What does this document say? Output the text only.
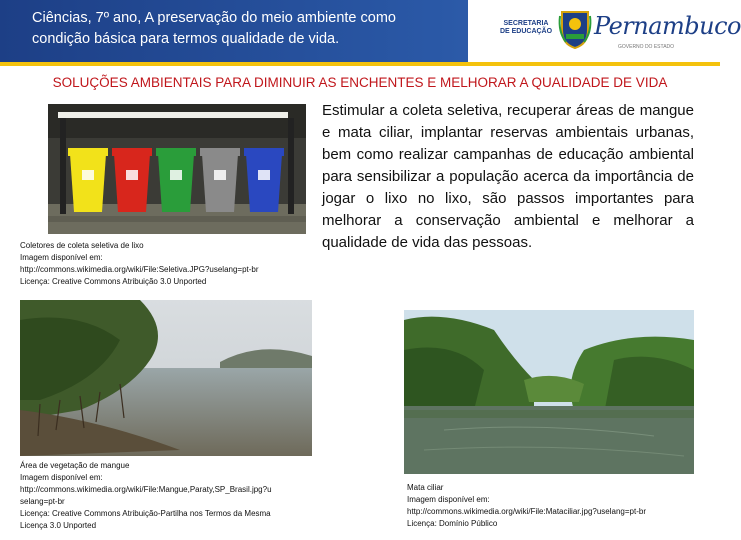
Ciências, 7º ano, A preservação do meio ambiente como
condição básica para termos qualidade de vida.
SECRETARIA
DE EDUCAÇÃO Pernambuco
GOVERNO DO ESTADO
SOLUÇÕES AMBIENTAIS PARA DIMINUIR AS ENCHENTES E MELHORAR A QUALIDADE DE VIDA
Coletores de coleta seletiva de lixo
Imagem disponível em:
http://commons.wikimedia.org/wiki/File:Seletiva.JPG?uselang=pt-br
Licença: Creative Commons Atribuição 3.0 Unported
Estimular a coleta seletiva, recuperar áreas de mangue e mata ciliar, implantar reservas ambientais urbanas, bem como realizar campanhas de educação ambiental para sensibilizar a população acerca da importância de jogar o lixo no lixo, são passos importantes para melhorar a conservação ambiental e melhorar a qualidade de vida das pessoas.
Área de vegetação de mangue
Imagem disponível em:
http://commons.wikimedia.org/wiki/File:Mangue,Paraty,SP_Brasil.jpg?u
selang=pt-br
Licença: Creative Commons Atribuição-Partilha nos Termos da Mesma
Licença 3.0 Unported
Mata ciliar
Imagem disponível em:
http://commons.wikimedia.org/wiki/File:Mataciliar.jpg?uselang=pt-br
Licença: Domínio Público
